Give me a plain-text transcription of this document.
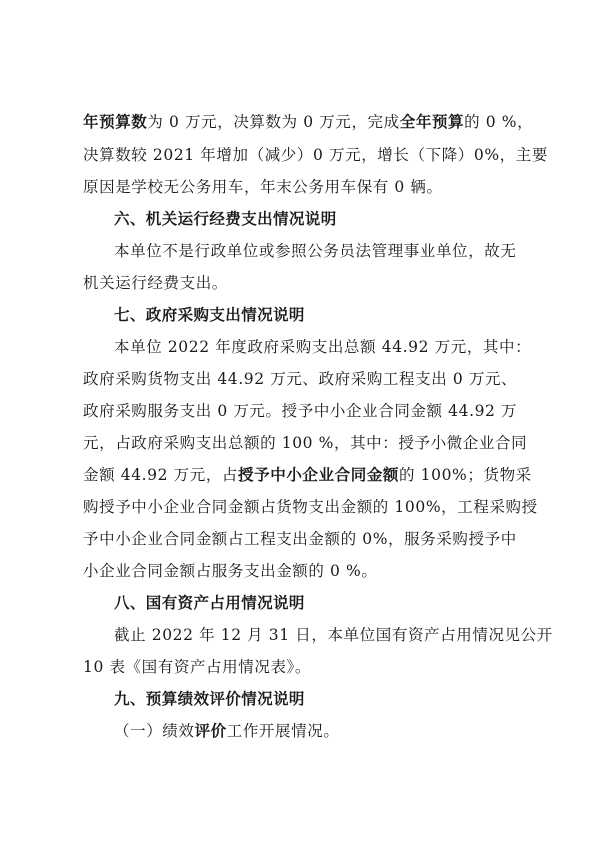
年预算数为 0 万元，决算数为 0 万元，完成全年预算的 0 %，
决算数较 2021 年增加（减少）0 万元，增长（下降）0%，主要
原因是学校无公务用车，年末公务用车保有 0 辆。
六、机关运行经费支出情况说明
本单位不是行政单位或参照公务员法管理事业单位，故无
机关运行经费支出。
七、政府采购支出情况说明
本单位 2022 年度政府采购支出总额 44.92 万元，其中：
政府采购货物支出 44.92 万元、政府采购工程支出 0 万元、
政府采购服务支出 0 万元。授予中小企业合同金额 44.92 万
元，占政府采购支出总额的 100 %，其中：授予小微企业合同
金额 44.92 万元，占授予中小企业合同金额的 100%；货物采
购授予中小企业合同金额占货物支出金额的 100%，工程采购授
予中小企业合同金额占工程支出金额的 0%，服务采购授予中
小企业合同金额占服务支出金额的 0 %。
八、国有资产占用情况说明
截止 2022 年 12 月 31 日，本单位国有资产占用情况见公开
10 表《国有资产占用情况表》。
九、预算绩效评价情况说明
（一）绩效评价工作开展情况。
